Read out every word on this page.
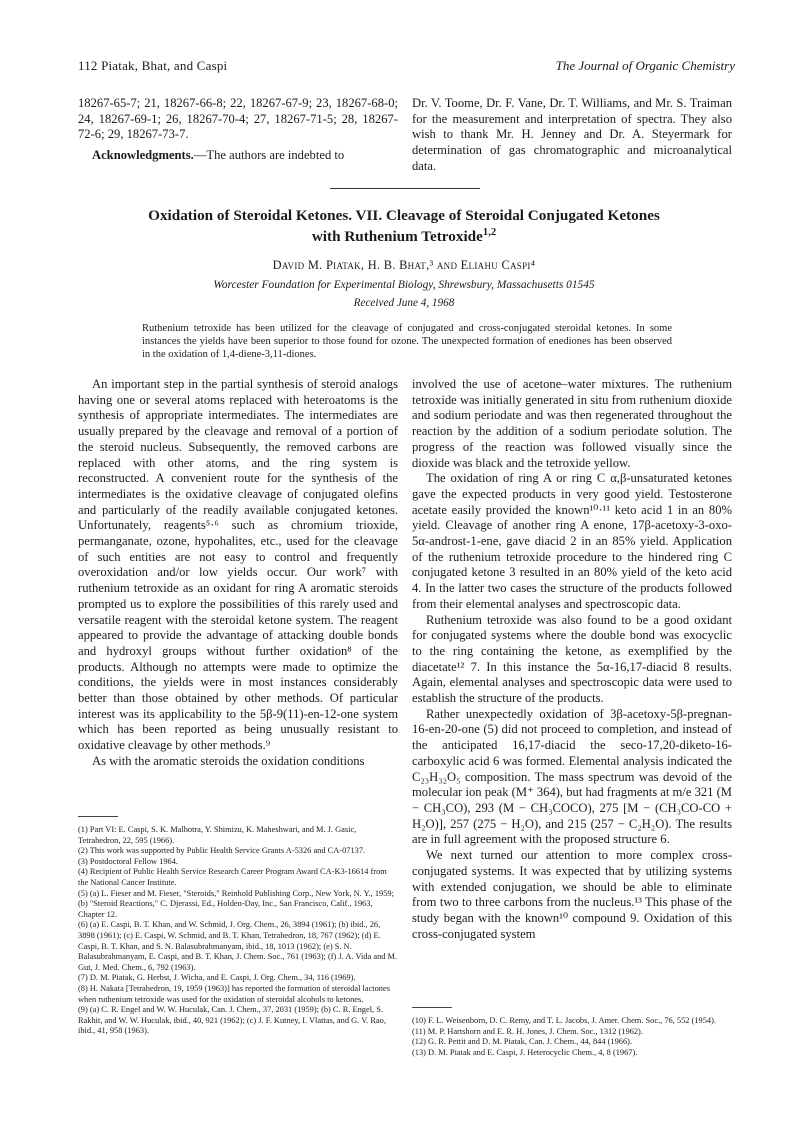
112 Piatak, Bhat, and Caspi	The Journal of Organic Chemistry

18267-65-7; 21, 18267-66-8; 22, 18267-67-9; 23, 18267-68-0; 24, 18267-69-1; 26, 18267-70-4; 27, 18267-71-5; 28, 18267-72-6; 29, 18267-73-7.

Acknowledgments.—The authors are indebted to

Dr. V. Toome, Dr. F. Vane, Dr. T. Williams, and Mr. S. Traiman for the measurement and interpretation of spectra. They also wish to thank Mr. H. Jenney and Dr. A. Steyermark for determination of gas chromatographic and microanalytical data.

Oxidation of Steroidal Ketones. VII. Cleavage of Steroidal Conjugated Ketones
with Ruthenium Tetroxide$^{1,2}$
David M. Piatak, H. B. Bhat,³ and Eliahu Caspi⁴
Worcester Foundation for Experimental Biology, Shrewsbury, Massachusetts 01545
Received June 4, 1968
Ruthenium tetroxide has been utilized for the cleavage of conjugated and cross-conjugated steroidal ketones. In some instances the yields have been superior to those found for ozone. The unexpected formation of enediones has been observed in the oxidation of 1,4-diene-3,11-diones.

An important step in the partial synthesis of steroid analogs having one or several atoms replaced with heteroatoms is the synthesis of appropriate intermediates. The intermediates are usually prepared by the cleavage and removal of a portion of the steroid nucleus. Subsequently, the removed carbons are replaced with other atoms, and the ring system is reconstructed. A convenient route for the synthesis of the intermediates is the oxidative cleavage of conjugated olefins and particularly of the readily available conjugated ketones. Unfortunately, reagents⁵·⁶ such as chromium trioxide, permanganate, ozone, hypohalites, etc., used for the cleavage of such entities are not easy to control and frequently overoxidation and/or low yields occur. Our work⁷ with ruthenium tetroxide as an oxidant for ring A aromatic steroids prompted us to explore the possibilities of this rarely used and versatile reagent with the steroidal ketone system. The reagent appeared to provide the advantage of attacking double bonds and hydroxyl groups without further oxidation⁸ of the products. Although no attempts were made to optimize the conditions, the yields were in most instances considerably better than those obtained by other methods. Of particular interest was its applicability to the 5β-9(11)-en-12-one system which has been reported as being unusually resistant to oxidative cleavage by other methods.⁹

As with the aromatic steroids the oxidation conditions

involved the use of acetone–water mixtures. The ruthenium tetroxide was initially generated in situ from ruthenium dioxide and sodium periodate and was then regenerated throughout the reaction by the addition of a sodium periodate solution. The progress of the reaction was followed visually since the dioxide was black and the tetroxide yellow.

The oxidation of ring A or ring C α,β-unsaturated ketones gave the expected products in very good yield. Testosterone acetate easily provided the known¹⁰·¹¹ keto acid 1 in an 80% yield. Cleavage of another ring A enone, 17β-acetoxy-3-oxo-5α-androst-1-ene, gave diacid 2 in an 85% yield. Application of the ruthenium tetroxide procedure to the hindered ring C conjugated ketone 3 resulted in an 80% yield of the keto acid 4. In the latter two cases the structure of the products followed from their elemental analyses and spectroscopic data.

Ruthenium tetroxide was also found to be a good oxidant for conjugated systems where the double bond was exocyclic to the ring containing the ketone, as exemplified by the diacetate¹² 7. In this instance the 5α-16,17-diacid 8 results. Again, elemental analyses and spectroscopic data were used to establish the structure of the products.

Rather unexpectedly oxidation of 3β-acetoxy-5β-pregnan-16-en-20-one (5) did not proceed to completion, and instead of the anticipated 16,17-diacid the seco-17,20-diketo-16-carboxylic acid 6 was formed. Elemental analysis indicated the C₂₃H₃₂O₅ composition. The mass spectrum was devoid of the molecular ion peak (M⁺ 364), but had fragments at m/e 321 (M − CH₃CO), 293 (M − CH₃COCO), 275 [M − (CH₃CO-CO + H₂O)], 257 (275 − H₂O), and 215 (257 − C₂H₂O). The results are in full agreement with the proposed structure 6.

We next turned our attention to more complex cross-conjugated systems. It was expected that by utilizing systems with extended conjugation, we should be able to eliminate from two to three carbons from the nucleus.¹³ This phase of the study began with the known¹⁰ compound 9. Oxidation of this cross-conjugated system

(1) Part VI: E. Caspi, S. K. Malhotra, Y. Shimizu, K. Maheshwari, and M. J. Gasic, Tetrahedron, 22, 595 (1966).

(2) This work was supported by Public Health Service Grants A-5326 and CA-07137.

(3) Postdoctoral Fellow 1964.

(4) Recipient of Public Health Service Research Career Program Award CA-K3-16614 from the National Cancer Institute.

(5) (a) L. Fieser and M. Fieser, "Steroids," Reinhold Publishing Corp., New York, N. Y., 1959; (b) "Steroid Reactions," C. Djerassi, Ed., Holden-Day, Inc., San Francisco, Calif., 1963, Chapter 12.

(6) (a) E. Caspi, B. T. Khan, and W. Schmid, J. Org. Chem., 26, 3894 (1961); (b) ibid., 26, 3898 (1961); (c) E. Caspi, W. Schmid, and B. T. Khan, Tetrahedron, 18, 767 (1962); (d) E. Caspi, B. T. Khan, and S. N. Balasubrahmanyam, ibid., 18, 1013 (1962); (e) S. N. Balasubrahmanyam, E. Caspi, and B. T. Khan, J. Chem. Soc., 761 (1963); (f) J. A. Vida and M. Gut, J. Med. Chem., 6, 792 (1963).

(7) D. M. Piatak, G. Herbst, J. Wicha, and E. Caspi, J. Org. Chem., 34, 116 (1969).

(8) H. Nakata [Tetrahedron, 19, 1959 (1963)] has reported the formation of steroidal lactones when ruthenium tetroxide was used for the oxidation of steroidal alcohols to ketones.

(9) (a) C. R. Engel and W. W. Huculak, Can. J. Chem., 37, 2031 (1959); (b) C. R. Engel, S. Rakhit, and W. W. Huculak, ibid., 40, 921 (1962); (c) J. F. Kutney, I. Vlattas, and G. V. Rao, ibid., 41, 958 (1963).

(10) F. L. Weisenborn, D. C. Remy, and T. L. Jacobs, J. Amer. Chem. Soc., 76, 552 (1954).

(11) M. P. Hartshorn and E. R. H. Jones, J. Chem. Soc., 1312 (1962).

(12) G. R. Pettit and D. M. Piatak, Can. J. Chem., 44, 844 (1966).

(13) D. M. Piatak and E. Caspi, J. Heterocyclic Chem., 4, 8 (1967).
